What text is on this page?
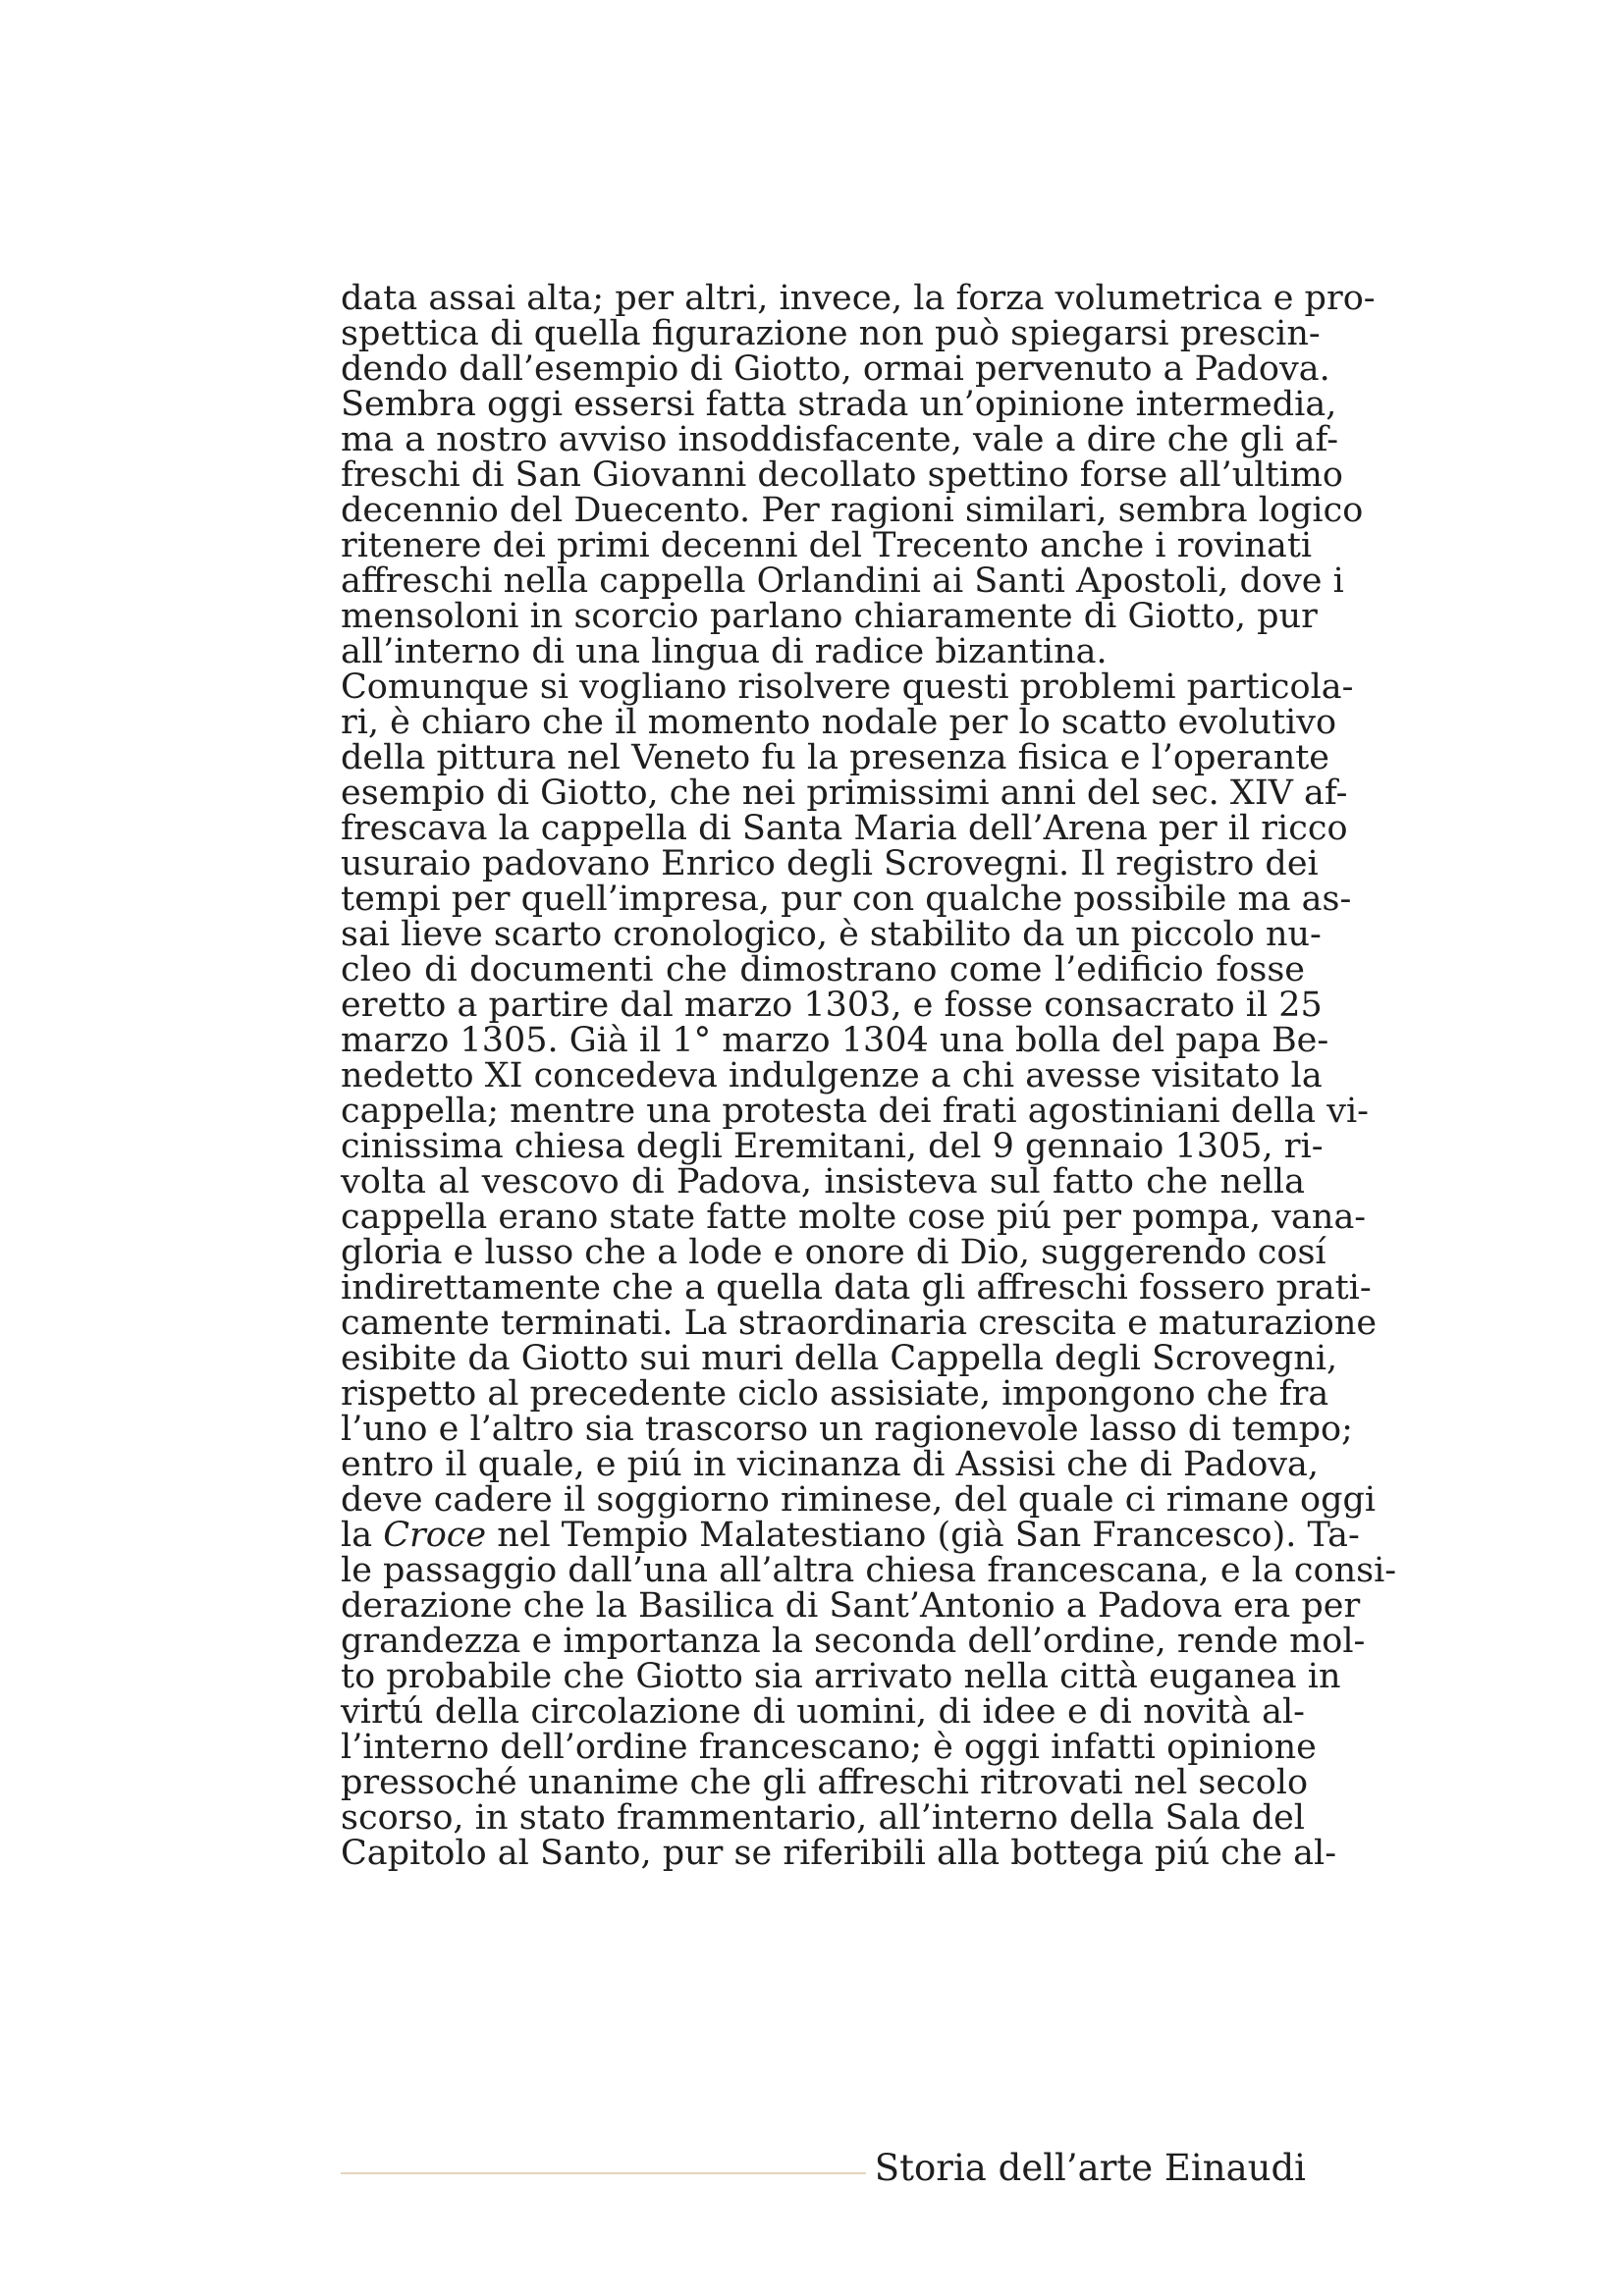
data assai alta; per altri, invece, la forza volumetrica e pro-
spettica di quella figurazione non può spiegarsi prescin-
dendo dall’esempio di Giotto, ormai pervenuto a Padova.
Sembra oggi essersi fatta strada un’opinione intermedia,
ma a nostro avviso insoddisfacente, vale a dire che gli af-
freschi di San Giovanni decollato spettino forse all’ultimo
decennio del Duecento. Per ragioni similari, sembra logico
ritenere dei primi decenni del Trecento anche i rovinati
affreschi nella cappella Orlandini ai Santi Apostoli, dove i
mensoloni in scorcio parlano chiaramente di Giotto, pur
all’interno di una lingua di radice bizantina.
Comunque si vogliano risolvere questi problemi particola-
ri, è chiaro che il momento nodale per lo scatto evolutivo
della pittura nel Veneto fu la presenza fisica e l’operante
esempio di Giotto, che nei primissimi anni del sec. XIV af-
frescava la cappella di Santa Maria dell’Arena per il ricco
usuraio padovano Enrico degli Scrovegni. Il registro dei
tempi per quell’impresa, pur con qualche possibile ma as-
sai lieve scarto cronologico, è stabilito da un piccolo nu-
cleo di documenti che dimostrano come l’edificio fosse
eretto a partire dal marzo 1303, e fosse consacrato il 25
marzo 1305. Già il 1° marzo 1304 una bolla del papa Be-
nedetto XI concedeva indulgenze a chi avesse visitato la
cappella; mentre una protesta dei frati agostiniani della vi-
cinissima chiesa degli Eremitani, del 9 gennaio 1305, ri-
volta al vescovo di Padova, insisteva sul fatto che nella
cappella erano state fatte molte cose piú per pompa, vana-
gloria e lusso che a lode e onore di Dio, suggerendo cosí
indirettamente che a quella data gli affreschi fossero prati-
camente terminati. La straordinaria crescita e maturazione
esibite da Giotto sui muri della Cappella degli Scrovegni,
rispetto al precedente ciclo assisiate, impongono che fra
l’uno e l’altro sia trascorso un ragionevole lasso di tempo;
entro il quale, e piú in vicinanza di Assisi che di Padova,
deve cadere il soggiorno riminese, del quale ci rimane oggi
la Croce nel Tempio Malatestiano (già San Francesco). Ta-
le passaggio dall’una all’altra chiesa francescana, e la consi-
derazione che la Basilica di Sant’Antonio a Padova era per
grandezza e importanza la seconda dell’ordine, rende mol-
to probabile che Giotto sia arrivato nella città euganea in
virtú della circolazione di uomini, di idee e di novità al-
l’interno dell’ordine francescano; è oggi infatti opinione
pressoché unanime che gli affreschi ritrovati nel secolo
scorso, in stato frammentario, all’interno della Sala del
Capitolo al Santo, pur se riferibili alla bottega piú che al-
Storia dell’arte Einaudi
